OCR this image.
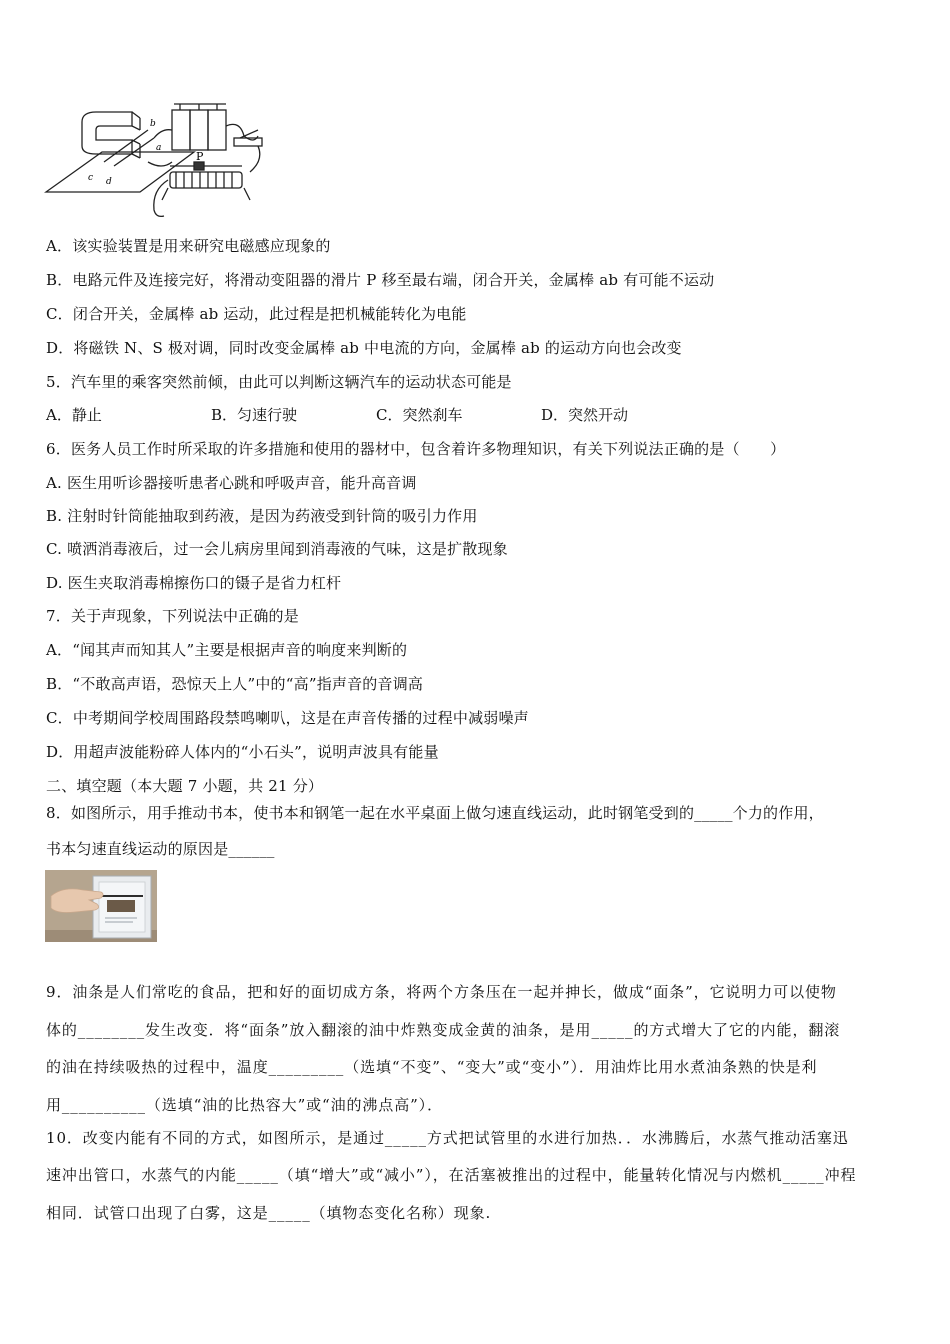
P
c
b
d
a
A．该实验装置是用来研究电磁感应现象的
B．电路元件及连接完好，将滑动变阻器的滑片 P 移至最右端，闭合开关，金属棒 ab 有可能不运动
C．闭合开关，金属棒 ab 运动，此过程是把机械能转化为电能
D．将磁铁 N、S 极对调，同时改变金属棒 ab 中电流的方向，金属棒 ab 的运动方向也会改变
5．汽车里的乘客突然前倾，由此可以判断这辆汽车的运动状态可能是
A．静止	B．匀速行驶	C．突然刹车	D．突然开动
6．医务人员工作时所采取的许多措施和使用的器材中，包含着许多物理知识，有关下列说法正确的是（　　）
A. 医生用听诊器接听患者心跳和呼吸声音，能升高音调
B. 注射时针筒能抽取到药液，是因为药液受到针筒的吸引力作用
C. 喷洒消毒液后，过一会儿病房里闻到消毒液的气味，这是扩散现象
D. 医生夹取消毒棉擦伤口的镊子是省力杠杆
7．关于声现象，下列说法中正确的是
A．“闻其声而知其人”主要是根据声音的响度来判断的
B．“不敢高声语，恐惊天上人”中的“高”指声音的音调高
C．中考期间学校周围路段禁鸣喇叭，这是在声音传播的过程中减弱噪声
D．用超声波能粉碎人体内的“小石头”，说明声波具有能量
二、填空题（本大题 7 小题，共 21 分）
8．如图所示，用手推动书本，使书本和钢笔一起在水平桌面上做匀速直线运动，此时钢笔受到的_____个力的作用，
书本匀速直线运动的原因是______
9．油条是人们常吃的食品，把和好的面切成方条，将两个方条压在一起并抻长，做成“面条”，它说明力可以使物
体的________发生改变．将“面条”放入翻滚的油中炸熟变成金黄的油条，是用_____的方式增大了它的内能，翻滚
的油在持续吸热的过程中，温度_________（选填“不变”、“变大”或“变小”）．用油炸比用水煮油条熟的快是利
用__________（选填“油的比热容大”或“油的沸点高”）．
10．改变内能有不同的方式，如图所示，是通过_____方式把试管里的水进行加热．．水沸腾后，水蒸气推动活塞迅
速冲出管口，水蒸气的内能_____（填“增大”或“减小”），在活塞被推出的过程中，能量转化情况与内燃机_____冲程
相同．试管口出现了白雾，这是_____（填物态变化名称）现象.
